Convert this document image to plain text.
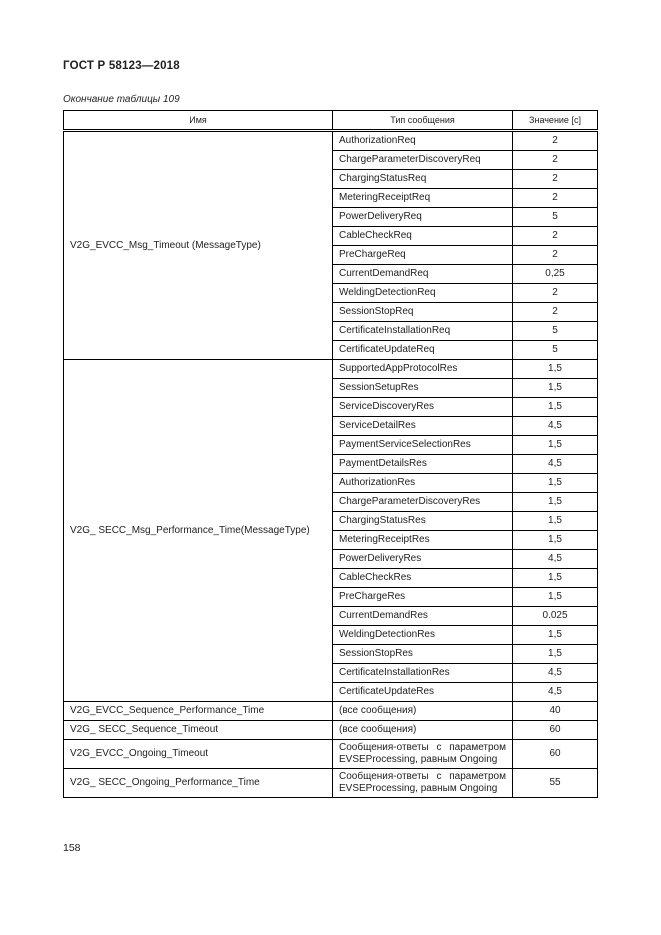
ГОСТ Р 58123—2018
Окончание таблицы 109
Имя	Тип сообщения	Значение [с]
V2G_EVCC_Msg_Timeout (MessageType)	AuthorizationReq	2
	ChargeParameterDiscoveryReq	2
	ChargingStatusReq	2
	MeteringReceiptReq	2
	PowerDeliveryReq	5
	CableCheckReq	2
	PreChargeReq	2
	CurrentDemandReq	0,25
	WeldingDetectionReq	2
	SessionStopReq	2
	CertificateInstallationReq	5
	CertificateUpdateReq	5
V2G_ SECC_Msg_Performance_Time(MessageType)	SupportedAppProtocolRes	1,5
	SessionSetupRes	1,5
	ServiceDiscoveryRes	1,5
	ServiceDetailRes	4,5
	PaymentServiceSelectionRes	1,5
	PaymentDetailsRes	4,5
	AuthorizationRes	1,5
	ChargeParameterDiscoveryRes	1,5
	ChargingStatusRes	1,5
	MeteringReceiptRes	1,5
	PowerDeliveryRes	4,5
	CableCheckRes	1,5
	PreChargeRes	1,5
	CurrentDemandRes	0.025
	WeldingDetectionRes	1,5
	SessionStopRes	1,5
	CertificateInstallationRes	4,5
	CertificateUpdateRes	4,5
V2G_EVCC_Sequence_Performance_Time	(все сообщения)	40
V2G_ SECC_Sequence_Timeout	(все сообщения)	60
V2G_EVCC_Ongoing_Timeout	Сообщения-ответы с параметром EVSEProcessing, равным Ongoing	60
V2G_ SECC_Ongoing_Performance_Time	Сообщения-ответы с параметром EVSEProcessing, равным Ongoing	55
158
